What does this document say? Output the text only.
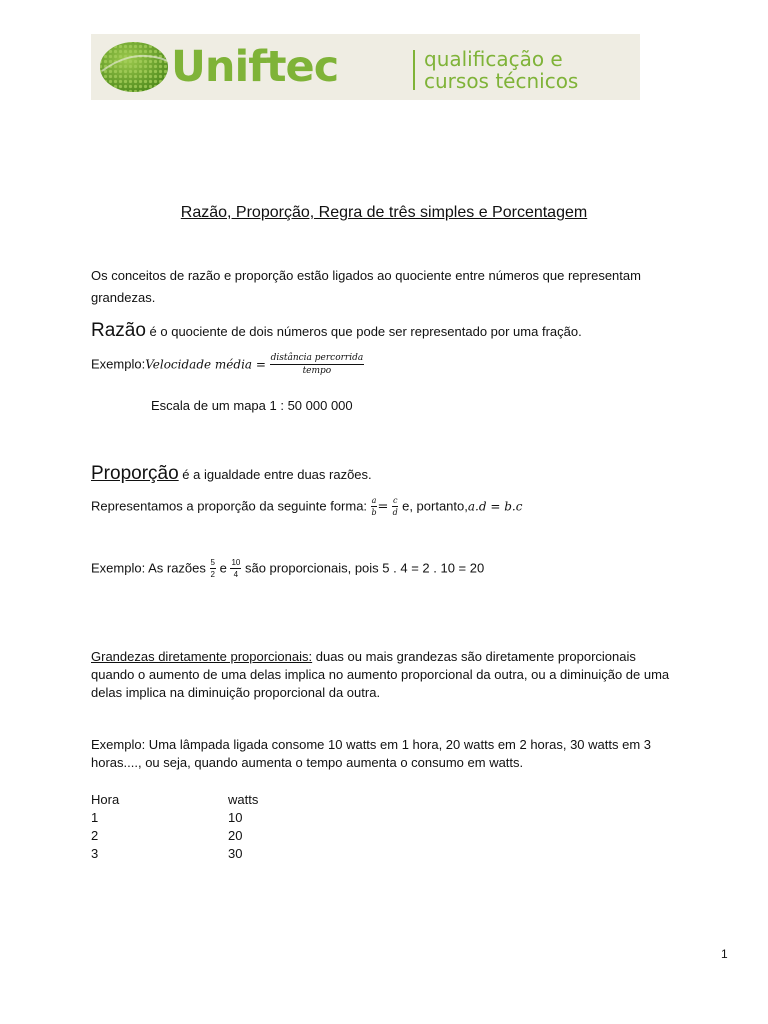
Uniftec	qualificação e
cursos técnicos
Razão, Proporção, Regra de três simples e Porcentagem

Os conceitos de razão e proporção estão ligados ao quociente entre números que representam

grandezas.

Razão é o quociente de dois números que pode ser representado por uma fração.

Exemplo:Velocidade média = $\frac{\text{distância percorrida}}{\text{tempo}}$

Escala de um mapa 1 : 50 000 000

Proporção é a igualdade entre duas razões.

Representamos a proporção da seguinte forma: $\frac{a}{b} = \frac{c}{d} e$, portanto,a.d = b.c

Exemplo: As razões $\frac{5}{2}$ e $\frac{10}{4}$ são proporcionais, pois 5 . 4 = 2 . 10 = 20

Grandezas diretamente proporcionais: duas ou mais grandezas são diretamente proporcionais

quando o aumento de uma delas implica no aumento proporcional da outra, ou a diminuição de uma

delas implica na diminuição proporcional da outra.

Exemplo: Uma lâmpada ligada consome 10 watts em 1 hora, 20 watts em 2 horas, 30 watts em 3

horas...., ou seja, quando aumenta o tempo aumenta o consumo em watts.

Hora	watts
1	10
2	20
3	30
1
